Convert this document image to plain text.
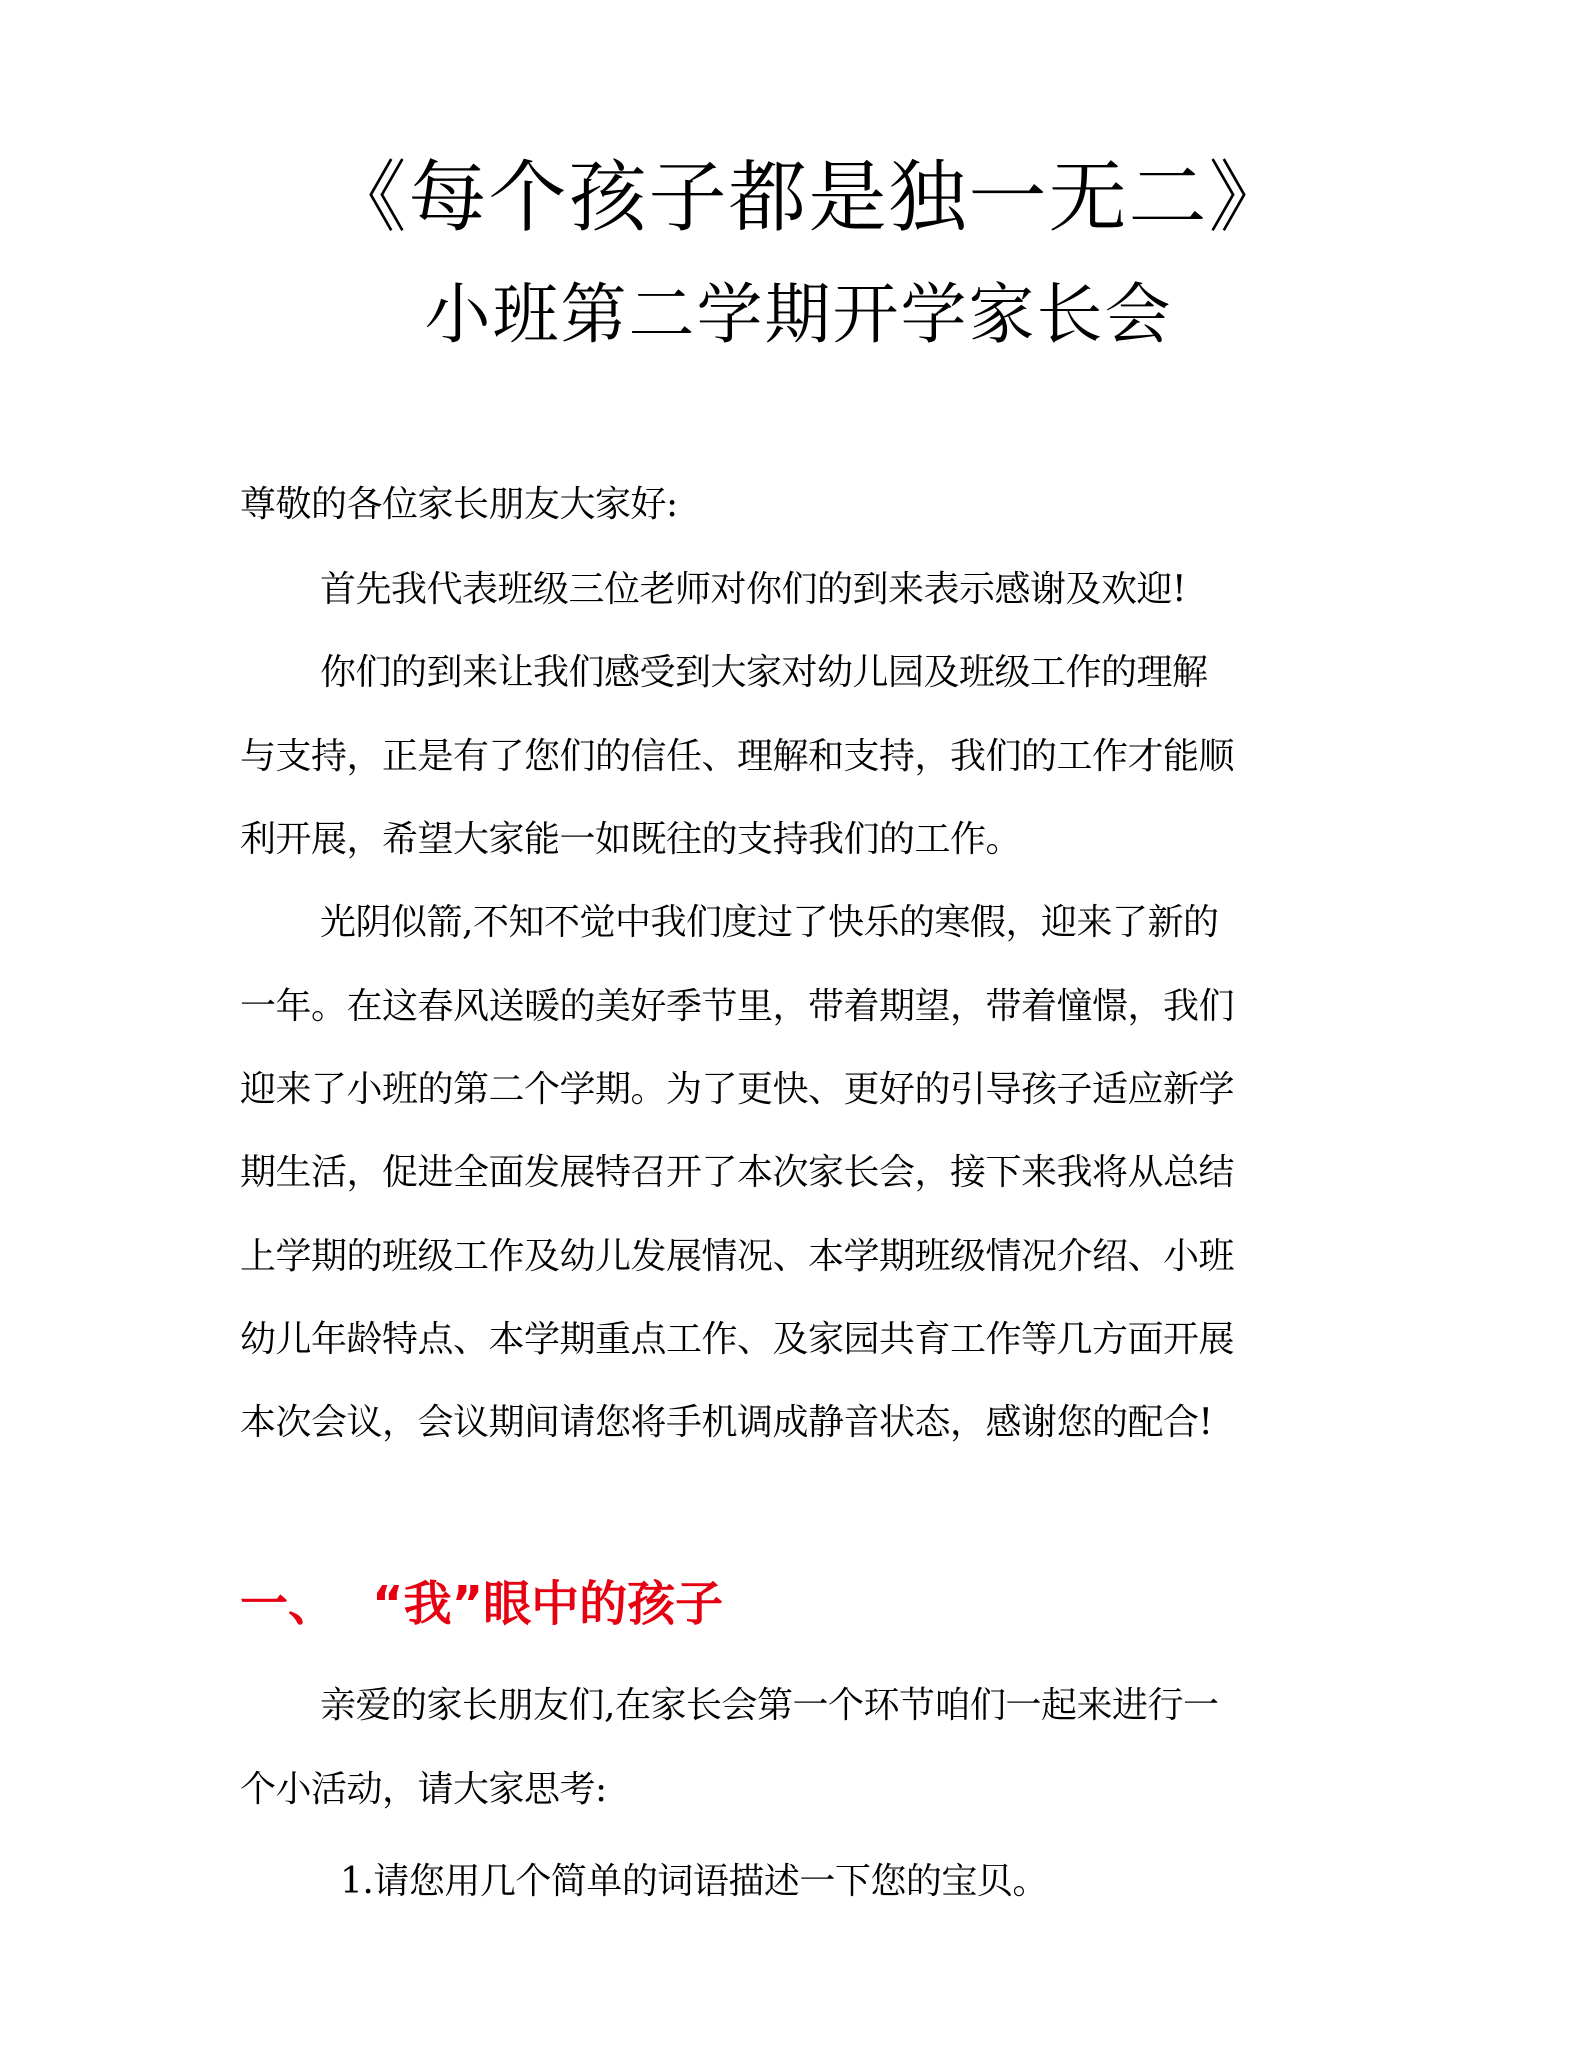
《每个孩子都是独一无二》
小班第二学期开学家长会
尊敬的各位家长朋友大家好:
首先我代表班级三位老师对你们的到来表示感谢及欢迎!
你们的到来让我们感受到大家对幼儿园及班级工作的理解
与支持，正是有了您们的信任、理解和支持，我们的工作才能顺
利开展，希望大家能一如既往的支持我们的工作。
光阴似箭,不知不觉中我们度过了快乐的寒假，迎来了新的
一年。在这春风送暖的美好季节里，带着期望，带着憧憬，我们
迎来了小班的第二个学期。为了更快、更好的引导孩子适应新学
期生活，促进全面发展特召开了本次家长会，接下来我将从总结
上学期的班级工作及幼儿发展情况、本学期班级情况介绍、小班
幼儿年龄特点、本学期重点工作、及家园共育工作等几方面开展
本次会议，会议期间请您将手机调成静音状态，感谢您的配合!
一、 “我”眼中的孩子
亲爱的家长朋友们,在家长会第一个环节咱们一起来进行一
个小活动，请大家思考:
1.请您用几个简单的词语描述一下您的宝贝。
